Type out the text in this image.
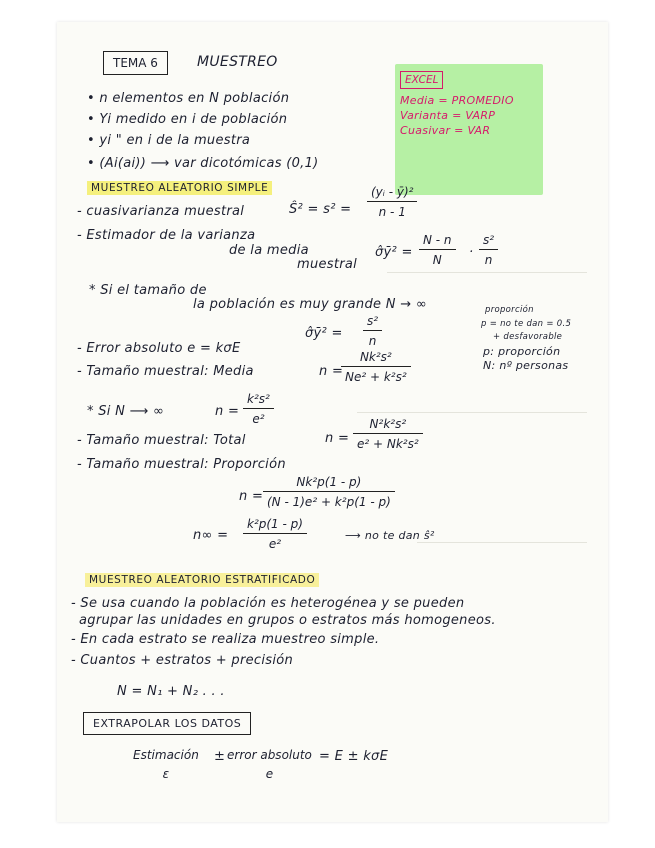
TEMA 6	MUESTREO
EXCEL
Media = PROMEDIO
Varianta = VARP
Cuasivar = VAR
• n elementos en N población
• Yi medido en i de población
• yi " en i de la muestra
• (Ai(ai)) ⟶ var dicotómicas (0,1)
MUESTREO ALEATORIO SIMPLE
- cuasivarianza muestral	Ŝ² = $s^2 = \frac{\text{(yᵢ - ȳ)²}}{n - 1}$
- Estimador de la varianza
de la media
muestral
σ̂ȳ² = $\frac{N - n}{N} \cdot \frac{\text{s²}}{n}$
* Si el tamaño de
la población es muy grande N → ∞
σ̂ȳ² = $\frac{\text{s²}}{n}$
proporción
p = no te dan = 0.5
+ desfavorable
p: proporción
N: nº personas
- Error absoluto e = kσE
- Tamaño muestral: Media	n =
$\frac{\text{Nk²s²}}{\text{Ne² + k²s²}}$
* Si N ⟶ ∞	$n = \frac{\text{k²s²}}{\text{e²}}$
- Tamaño muestral: Total	$n = \frac{\text{N²k²s²}}{\text{e² + Nk²s²}}$
- Tamaño muestral: Proporción
$n = \frac{\text{Nk²p(1 - p)}}{\text{(N - 1)e² + k²p(1 - p)}}$
$n\infty = \frac{\text{k²p(1 - p)}}{\text{e²}}$	⟶ no te dan ŝ²
MUESTREO ALEATORIO ESTRATIFICADO
- Se usa cuando la población es heterogénea y se pueden
agrupar las unidades en grupos o estratos más homogeneos.
- En cada estrato se realiza muestreo simple.
- Cuantos + estratos + precisión
N = N₁ + N₂ . . .
EXTRAPOLAR LOS DATOS
Estimación
ε
± error absoluto
e
= E ± kσE
